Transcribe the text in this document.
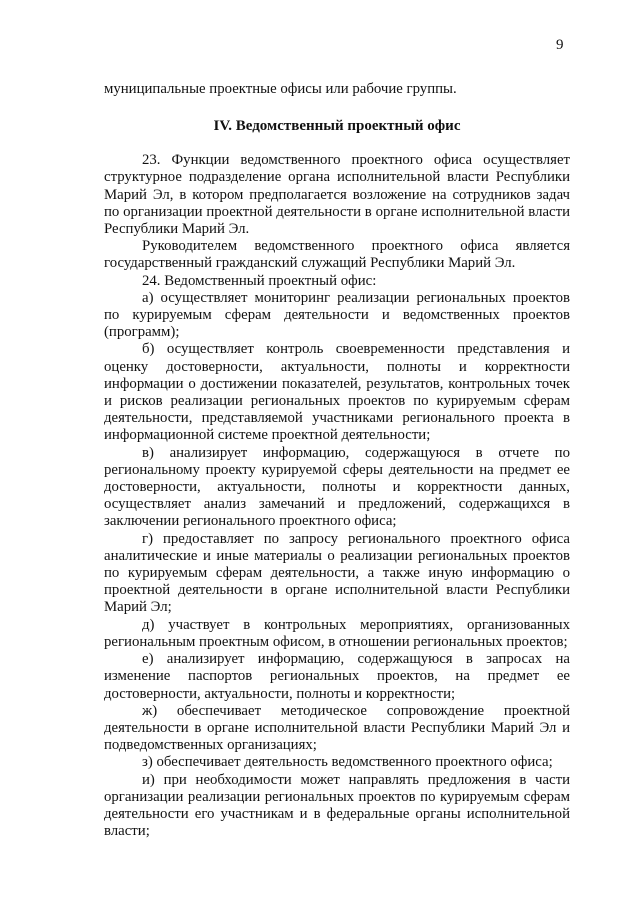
9

муниципальные проектные офисы или рабочие группы.

IV. Ведомственный проектный офис

23. Функции ведомственного проектного офиса осуществляет структурное подразделение органа исполнительной власти Республики Марий Эл, в котором предполагается возложение на сотрудников задач по организации проектной деятельности в органе исполнительной власти Республики Марий Эл.

Руководителем ведомственного проектного офиса является государственный гражданский служащий Республики Марий Эл.

24. Ведомственный проектный офис:

а) осуществляет мониторинг реализации региональных проектов по курируемым сферам деятельности и ведомственных проектов (программ);

б) осуществляет контроль своевременности представления и оценку достоверности, актуальности, полноты и корректности информации о достижении показателей, результатов, контрольных точек и рисков реализации региональных проектов по курируемым сферам деятельности, представляемой участниками регионального проекта в информационной системе проектной деятельности;

в) анализирует информацию, содержащуюся в отчете по региональному проекту курируемой сферы деятельности на предмет ее достоверности, актуальности, полноты и корректности данных, осуществляет анализ замечаний и предложений, содержащихся в заключении регионального проектного офиса;

г) предоставляет по запросу регионального проектного офиса аналитические и иные материалы о реализации региональных проектов по курируемым сферам деятельности, а также иную информацию о проектной деятельности в органе исполнительной власти Республики Марий Эл;

д) участвует в контрольных мероприятиях, организованных региональным проектным офисом, в отношении региональных проектов;

е) анализирует информацию, содержащуюся в запросах на изменение паспортов региональных проектов, на предмет ее достоверности, актуальности, полноты и корректности;

ж) обеспечивает методическое сопровождение проектной деятельности в органе исполнительной власти Республики Марий Эл и подведомственных организациях;

з) обеспечивает деятельность ведомственного проектного офиса;

и) при необходимости может направлять предложения в части организации реализации региональных проектов по курируемым сферам деятельности его участникам и в федеральные органы исполнительной власти;
